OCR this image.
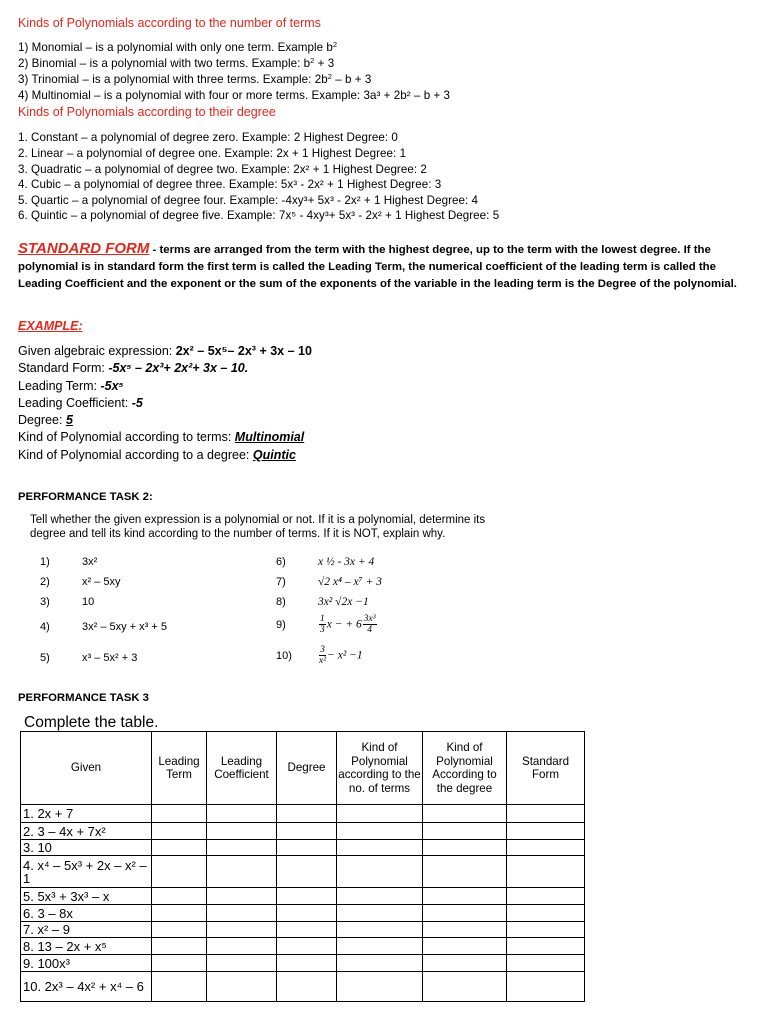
Kinds of Polynomials according to the number of terms
1) Monomial – is a polynomial with only one term. Example $b^2$
2) Binomial – is a polynomial with two terms. Example: $b^2 + 3$
3) Trinomial – is a polynomial with three terms. Example: $2b^2 - b + 3$
4) Multinomial – is a polynomial with four or more terms. Example: 3a³ + 2b² – b + 3
Kinds of Polynomials according to their degree
1. Constant – a polynomial of degree zero. Example: 2 Highest Degree: 0
2. Linear – a polynomial of degree one. Example: 2x + 1 Highest Degree: 1
3. Quadratic – a polynomial of degree two. Example: 2x² + 1 Highest Degree: 2
4. Cubic – a polynomial of degree three. Example: 5x³ - 2x² + 1 Highest Degree: 3
5. Quartic – a polynomial of degree four. Example: -4xy³+ 5x³ - 2x² + 1 Highest Degree: 4
6. Quintic – a polynomial of degree five. Example: 7x⁵ - 4xy³+ 5x³ - 2x² + 1 Highest Degree: 5
STANDARD FORM - terms are arranged from the term with the highest degree, up to the term with the lowest degree. If the polynomial is in standard form the first term is called the Leading Term, the numerical coefficient of the leading term is called the Leading Coefficient and the exponent or the sum of the exponents of the variable in the leading term is the Degree of the polynomial.
EXAMPLE:
Given algebraic expression: 2x² – 5x⁵– 2x³ + 3x – 10
Standard Form: -5x⁵ – 2x³+ 2x²+ 3x – 10.
Leading Term: -5x⁵
Leading Coefficient: -5
Degree: 5
Kind of Polynomial according to terms: Multinomial
Kind of Polynomial according to a degree: Quintic
PERFORMANCE TASK 2:
Tell whether the given expression is a polynomial or not. If it is a polynomial, determine its degree and tell its kind according to the number of terms. If it is NOT, explain why.
1)	3x²
2)	x² – 5xy
3)	10
4)	3x² – 5xy + x³ + 5
5)	x³ – 5x² + 3
6)	x ½ - 3x + 4
7)	√2 x⁴ – x⁷ + 3
8)	3x² √2x −1
9)	$\frac{1}{3}$ x − + $6 \frac{\text{3x³}}{4}$
10)	$\frac{3}{\text{x²}} - x^2 -1$
PERFORMANCE TASK 3
Complete the table.
Given	Leading Term	Leading Coefficient	Degree	Kind of Polynomial according to the no. of terms	Kind of Polynomial According to the degree	Standard Form
1. 2x + 7						
2. 3 – 4x + 7x²						
3. 10						
4. x⁴ – 5x³ + 2x – x² – 1						
5. 5x³ + 3x³ – x						
6. 3 – 8x						
7. x² – 9						
8. 13 – 2x + x⁵						
9. 100x³						
10. 2x³ – 4x² + x⁴ – 6						
